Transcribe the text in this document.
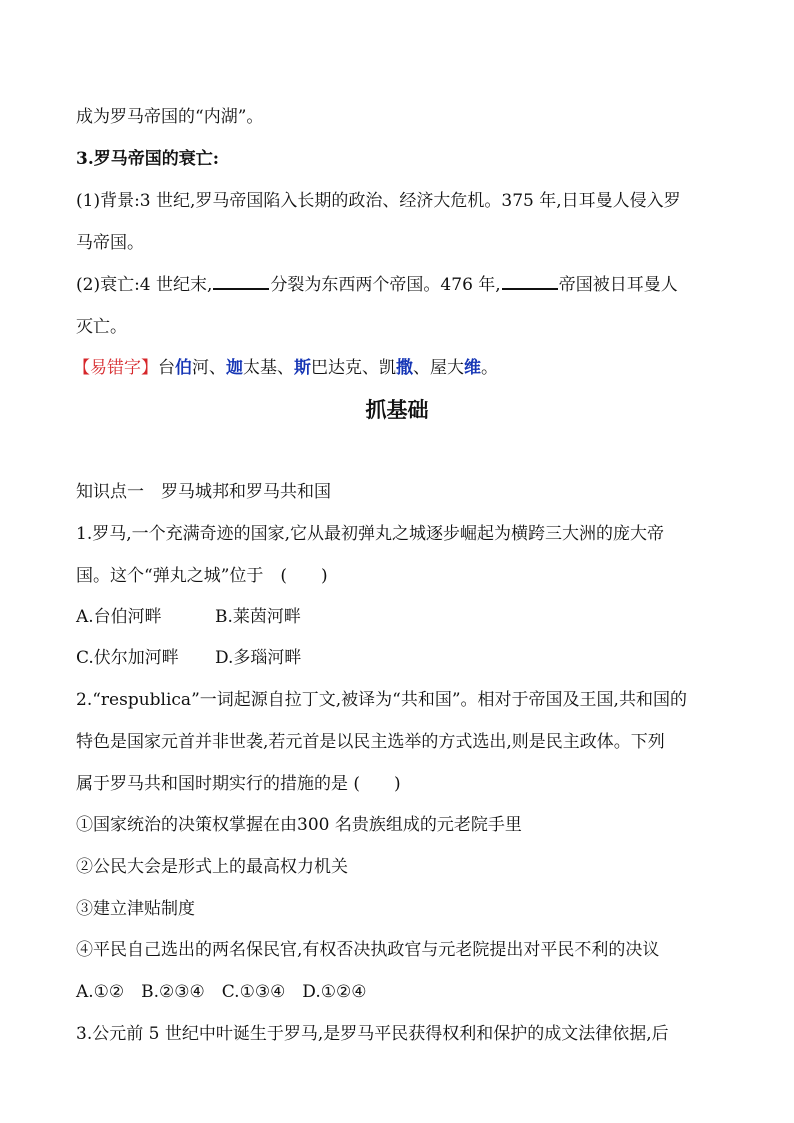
成为罗马帝国的“内湖”。
3.罗马帝国的衰亡:
(1)背景:3 世纪,罗马帝国陷入长期的政治、经济大危机。375 年,日耳曼人侵入罗
马帝国。
(2)衰亡:4 世纪末,	分裂为东西两个帝国。476 年,	帝国被日耳曼人
灭亡。
【易错字】台伯河、迦太基、斯巴达克、凯撒、屋大维。
抓基础
知识点一　罗马城邦和罗马共和国
1.罗马,一个充满奇迹的国家,它从最初弹丸之城逐步崛起为横跨三大洲的庞大帝
国。这个“弹丸之城”位于　(　　)
A.台伯河畔	B.莱茵河畔
C.伏尔加河畔 D.多瑙河畔
2.“respublica”一词起源自拉丁文,被译为“共和国”。相对于帝国及王国,共和国的
特色是国家元首并非世袭,若元首是以民主选举的方式选出,则是民主政体。下列
属于罗马共和国时期实行的措施的是 (　　)
①国家统治的决策权掌握在由300 名贵族组成的元老院手里
②公民大会是形式上的最高权力机关
③建立津贴制度
④平民自己选出的两名保民官,有权否决执政官与元老院提出对平民不利的决议
A.①②　B.②③④　C.①③④　D.①②④
3.公元前 5 世纪中叶诞生于罗马,是罗马平民获得权利和保护的成文法律依据,后
